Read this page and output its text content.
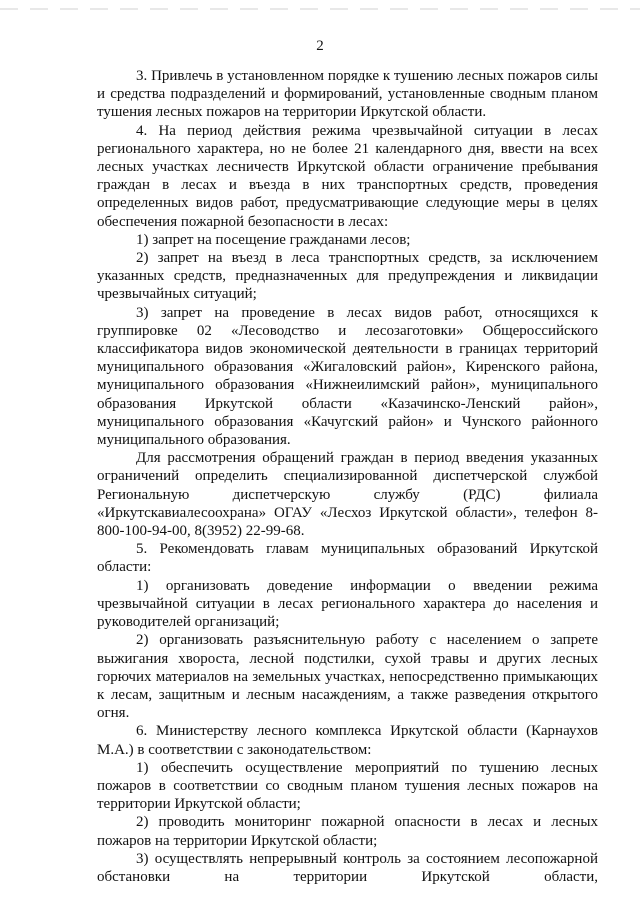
2

3. Привлечь в установленном порядке к тушению лесных пожаров силы и средства подразделений и формирований, установленные сводным планом тушения лесных пожаров на территории Иркутской области.

4. На период действия режима чрезвычайной ситуации в лесах регионального характера, но не более 21 календарного дня, ввести на всех лесных участках лесничеств Иркутской области ограничение пребывания граждан в лесах и въезда в них транспортных средств, проведения определенных видов работ, предусматривающие следующие меры в целях обеспечения пожарной безопасности в лесах:

1) запрет на посещение гражданами лесов;

2) запрет на въезд в леса транспортных средств, за исключением указанных средств, предназначенных для предупреждения и ликвидации чрезвычайных ситуаций;

3) запрет на проведение в лесах видов работ, относящихся к группировке 02 «Лесоводство и лесозаготовки» Общероссийского классификатора видов экономической деятельности в границах территорий муниципального образования «Жигаловский район», Киренского района, муниципального образования «Нижнеилимский район», муниципального образования Иркутской области «Казачинско-Ленский район», муниципального образования «Качугский район» и Чунского районного муниципального образования.

Для рассмотрения обращений граждан в период введения указанных ограничений определить специализированной диспетчерской службой Региональную диспетчерскую службу (РДС) филиала «Иркутскавиалесоохрана» ОГАУ «Лесхоз Иркутской области», телефон 8-800-100-94-00, 8(3952) 22-99-68.

5. Рекомендовать главам муниципальных образований Иркутской области:

1) организовать доведение информации о введении режима чрезвычайной ситуации в лесах регионального характера до населения и руководителей организаций;

2) организовать разъяснительную работу с населением о запрете выжигания хвороста, лесной подстилки, сухой травы и других лесных горючих материалов на земельных участках, непосредственно примыкающих к лесам, защитным и лесным насаждениям, а также разведения открытого огня.

6. Министерству лесного комплекса Иркутской области (Карнаухов М.А.) в соответствии с законодательством:

1) обеспечить осуществление мероприятий по тушению лесных пожаров в соответствии со сводным планом тушения лесных пожаров на территории Иркутской области;

2) проводить мониторинг пожарной опасности в лесах и лесных пожаров на территории Иркутской области;

3) осуществлять непрерывный контроль за состоянием лесопожарной обстановки на территории Иркутской области,
